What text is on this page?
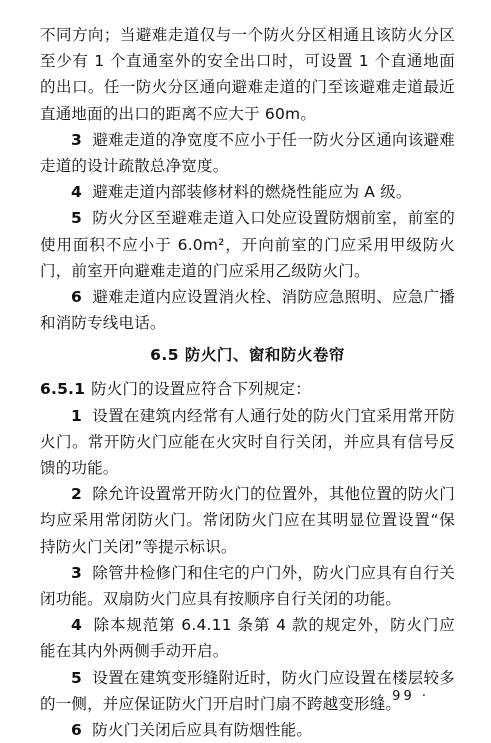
不同方向；当避难走道仅与一个防火分区相通且该防火分区至少有 1 个直通室外的安全出口时，可设置 1 个直通地面的出口。任一防火分区通向避难走道的门至该避难走道最近直通地面的出口的距离不应大于 60m。

3 避难走道的净宽度不应小于任一防火分区通向该避难走道的设计疏散总净宽度。

4 避难走道内部装修材料的燃烧性能应为 A 级。

5 防火分区至避难走道入口处应设置防烟前室，前室的使用面积不应小于 6.0m²，开向前室的门应采用甲级防火门，前室开向避难走道的门应采用乙级防火门。

6 避难走道内应设置消火栓、消防应急照明、应急广播和消防专线电话。

6.5 防火门、窗和防火卷帘

6.5.1 防火门的设置应符合下列规定：

1 设置在建筑内经常有人通行处的防火门宜采用常开防火门。常开防火门应能在火灾时自行关闭，并应具有信号反馈的功能。

2 除允许设置常开防火门的位置外，其他位置的防火门均应采用常闭防火门。常闭防火门应在其明显位置设置“保持防火门关闭”等提示标识。

3 除管井检修门和住宅的户门外，防火门应具有自行关闭功能。双扇防火门应具有按顺序自行关闭的功能。

4 除本规范第 6.4.11 条第 4 款的规定外，防火门应能在其内外两侧手动开启。

5 设置在建筑变形缝附近时，防火门应设置在楼层较多的一侧，并应保证防火门开启时门扇不跨越变形缝。

6 防火门关闭后应具有防烟性能。

· 99 ·
